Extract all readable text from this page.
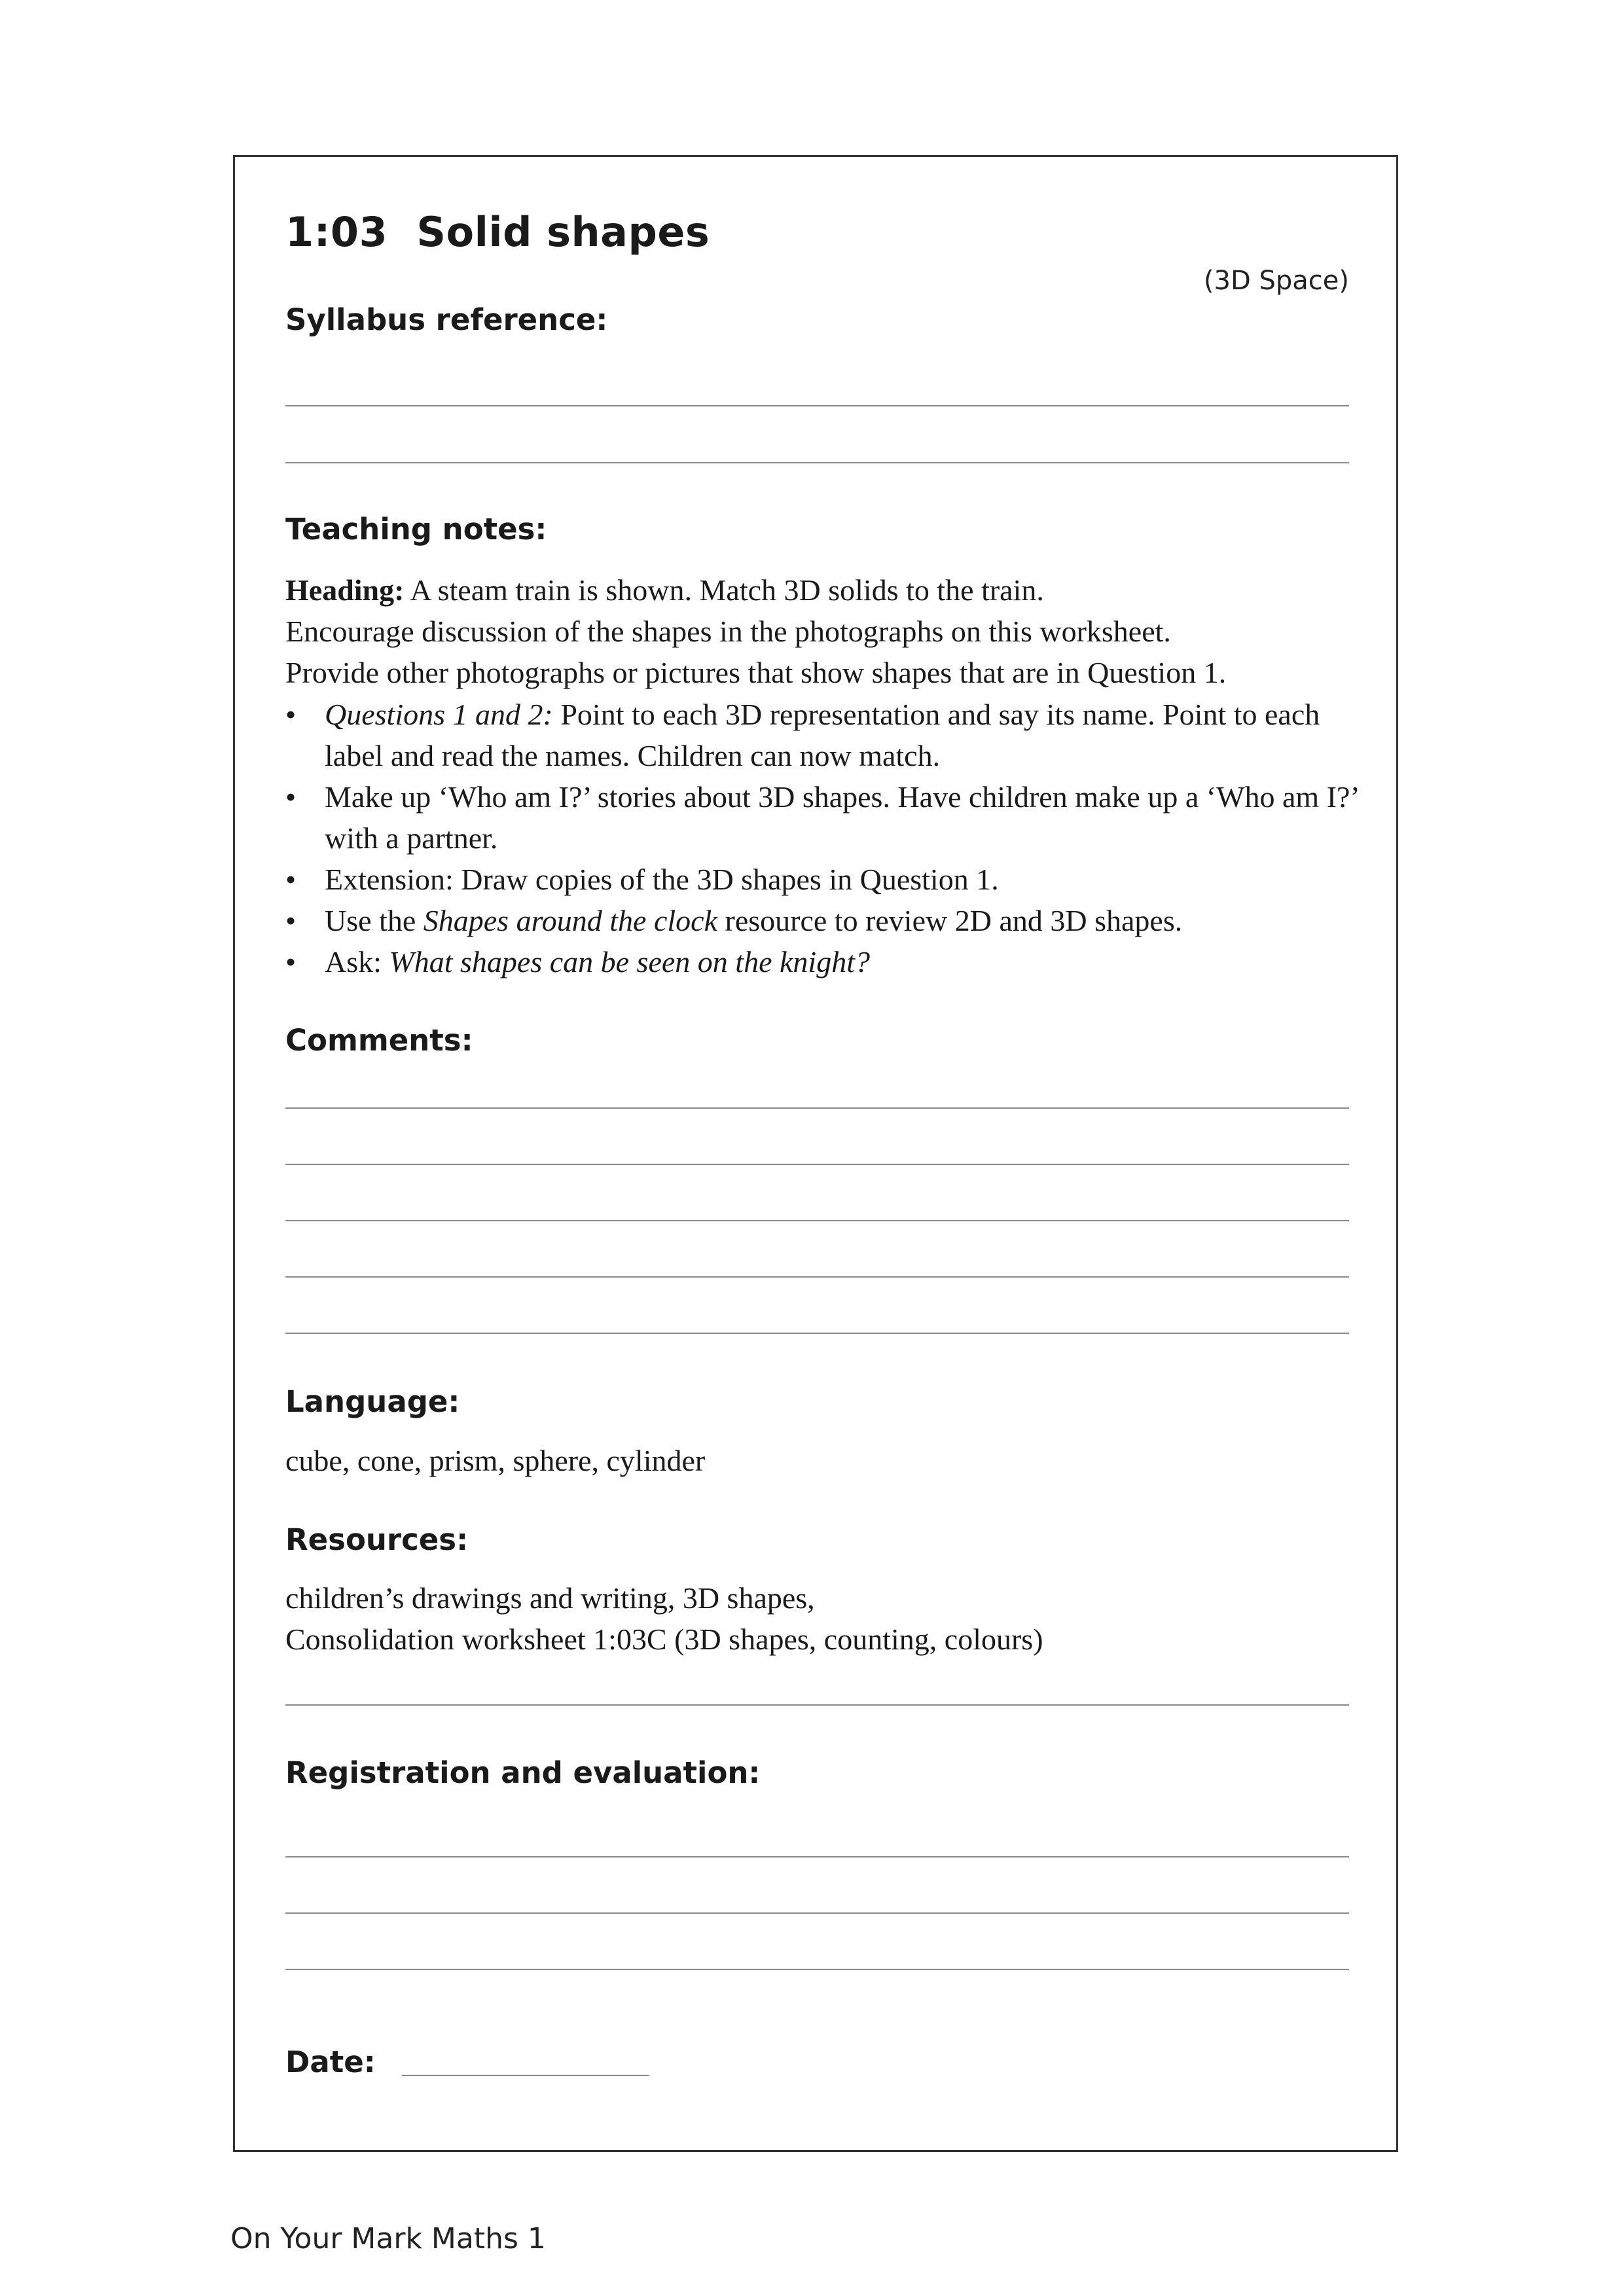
1:03  Solid shapes
(3D Space)
Syllabus reference:
Teaching notes:

Heading: A steam train is shown. Match 3D solids to the train.

Encourage discussion of the shapes in the photographs on this worksheet.

Provide other photographs or pictures that show shapes that are in Question 1.

• Questions 1 and 2: Point to each 3D representation and say its name. Point to each label and read the names. Children can now match.
• Make up ‘Who am I?’ stories about 3D shapes. Have children make up a ‘Who am I?’ with a partner.
• Extension: Draw copies of the 3D shapes in Question 1.
• Use the Shapes around the clock resource to review 2D and 3D shapes.
• Ask: What shapes can be seen on the knight?
Comments:
Language:
cube, cone, prism, sphere, cylinder
Resources:

children’s drawings and writing, 3D shapes,

Consolidation worksheet 1:03C (3D shapes, counting, colours)

Registration and evaluation:
Date:
On Your Mark Maths 1
